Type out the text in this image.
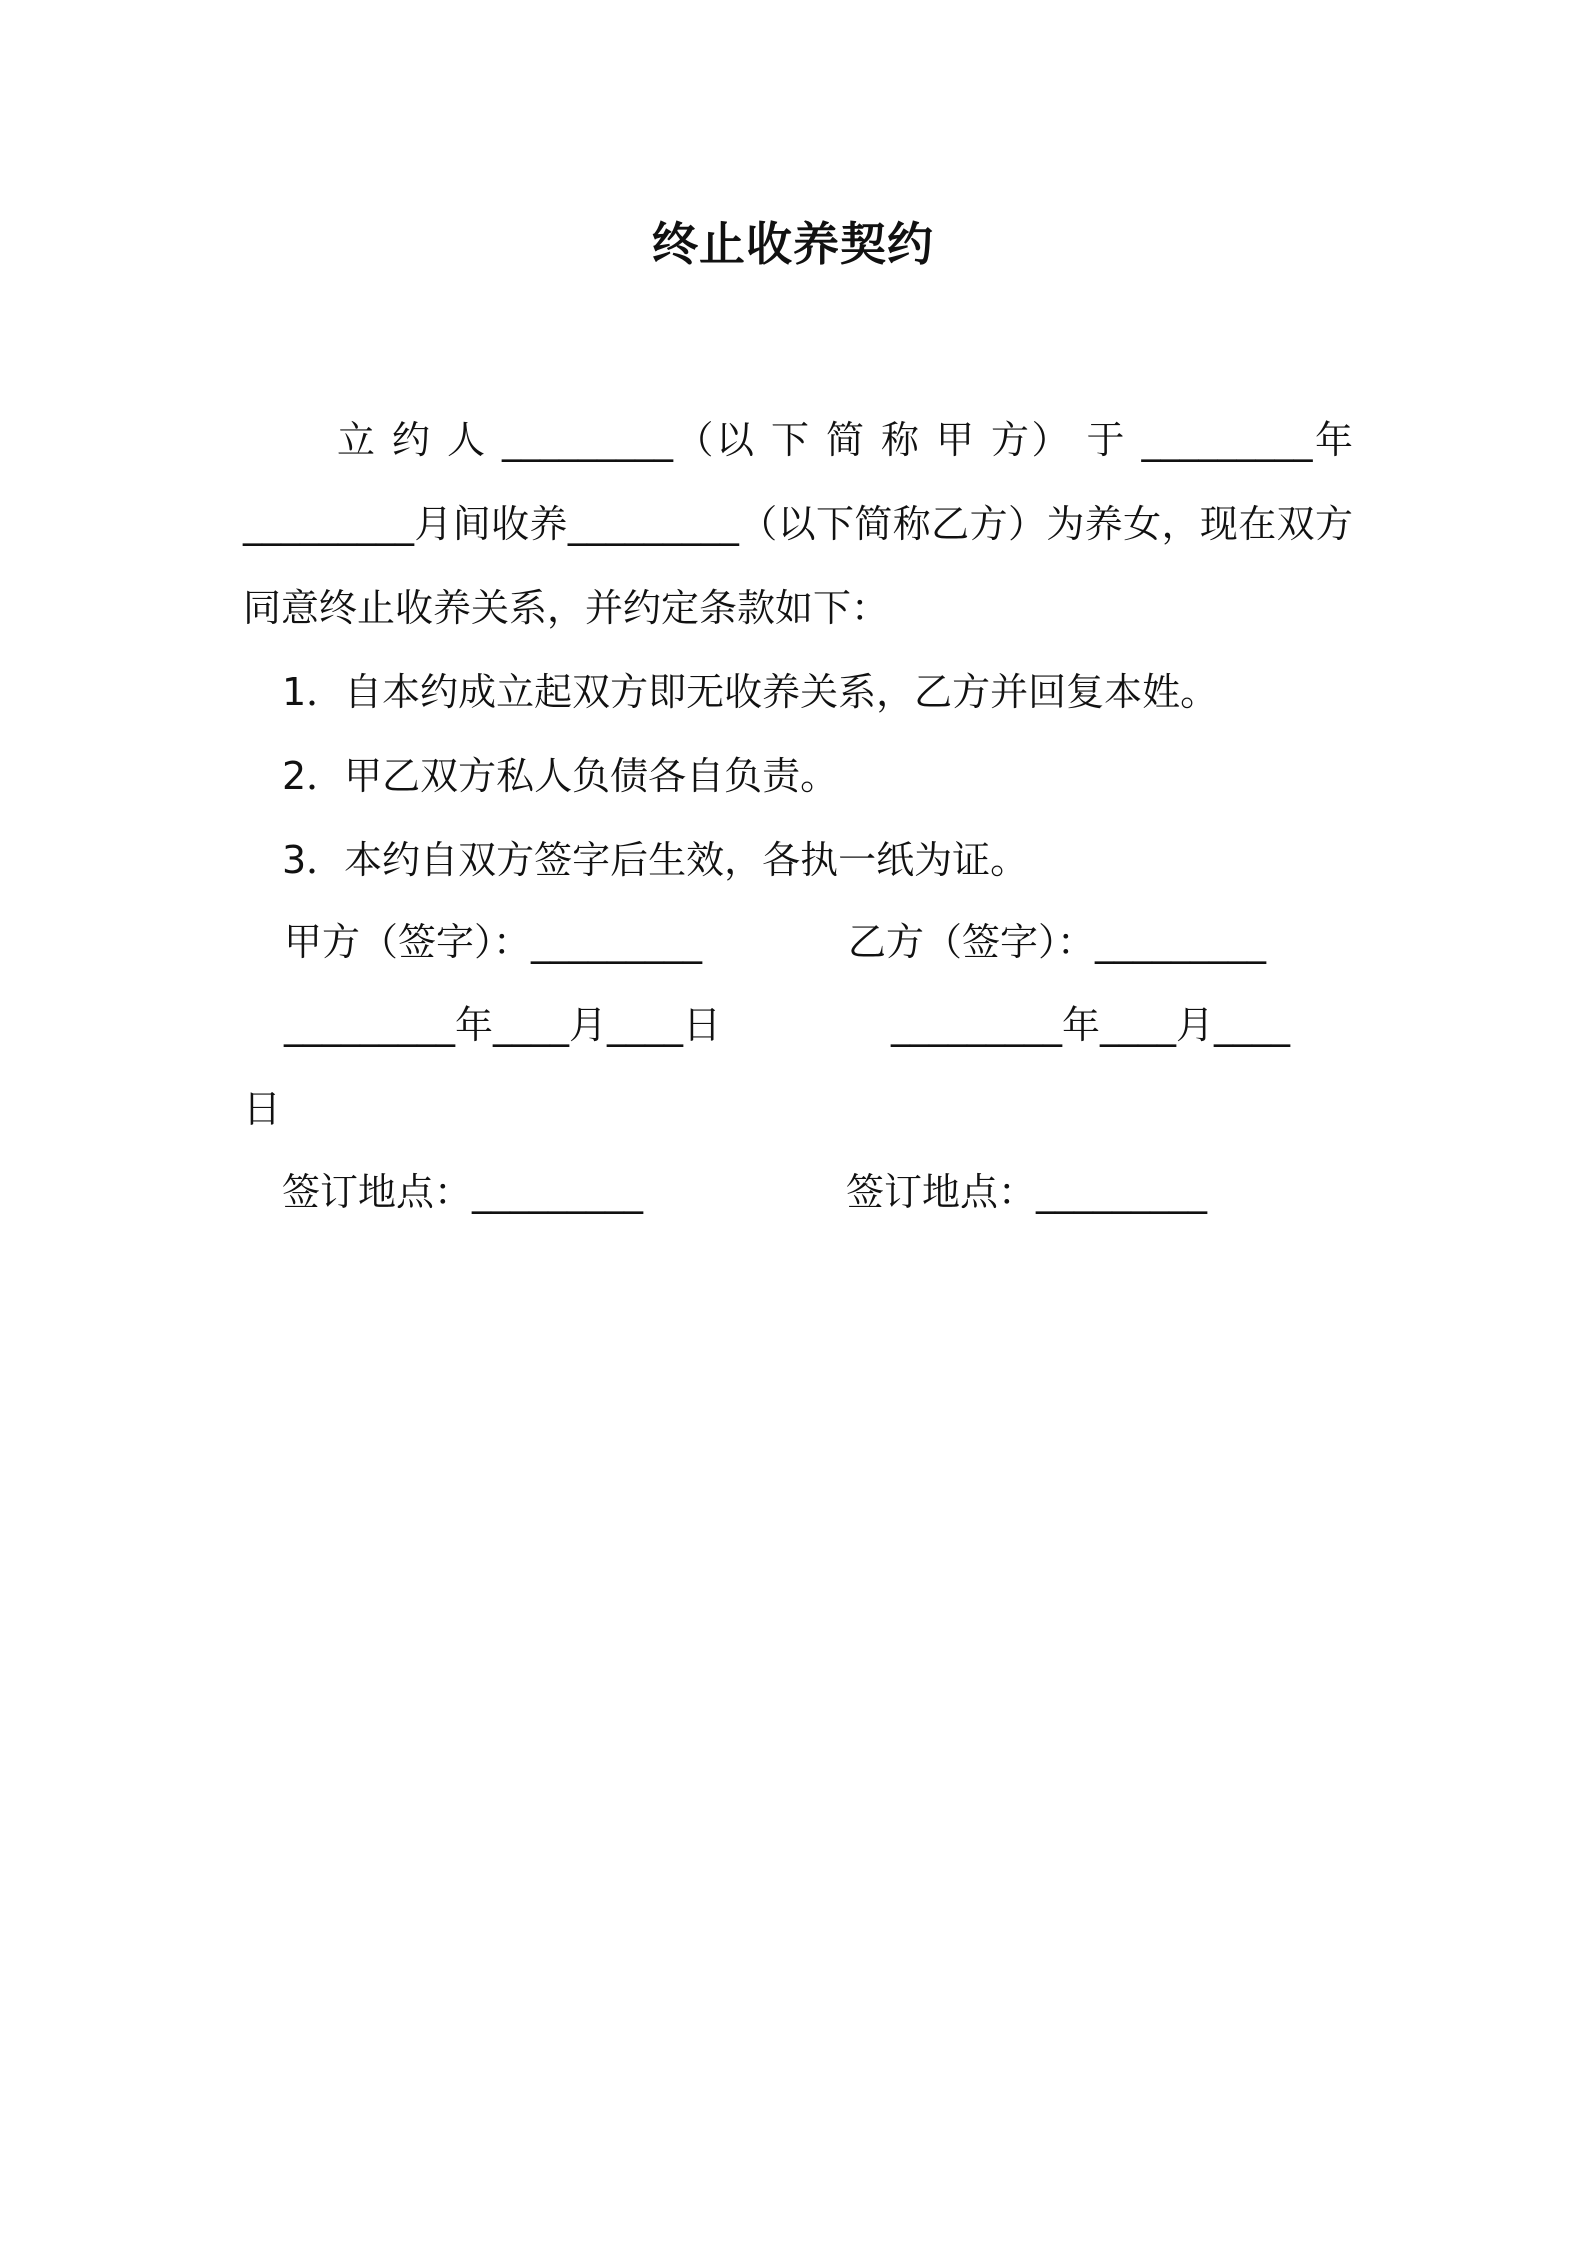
终止收养契约

立 约 人 _________（以 下 简 称 甲 方） 于 _________年_________月间收养_________（以下简称乙方）为养女，现在双方同意终止收养关系，并约定条款如下：

1．自本约成立起双方即无收养关系，乙方并回复本姓。
2．甲乙双方私人负债各自负责。
3．本约自双方签字后生效，各执一纸为证。
甲方（签字）：_________	乙方（签字）：_________
_________年____月____日	_________年____月____
日
签订地点：_________	签订地点：_________
